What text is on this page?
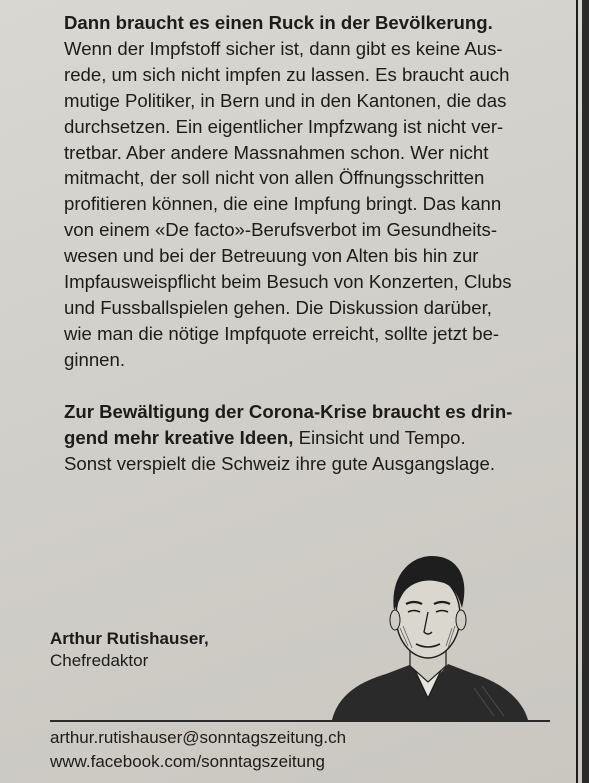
Dann braucht es einen Ruck in der Bevölkerung.
Wenn der Impfstoff sicher ist, dann gibt es keine Aus-
rede, um sich nicht impfen zu lassen. Es braucht auch
mutige Politiker, in Bern und in den Kantonen, die das
durchsetzen. Ein eigentlicher Impfzwang ist nicht ver-
tretbar. Aber andere Massnahmen schon. Wer nicht
mitmacht, der soll nicht von allen Öffnungsschritten
profitieren können, die eine Impfung bringt. Das kann
von einem «De facto»-Berufsverbot im Gesundheits-
wesen und bei der Betreuung von Alten bis hin zur
Impfausweispflicht beim Besuch von Konzerten, Clubs
und Fussballspielen gehen. Die Diskussion darüber,
wie man die nötige Impfquote erreicht, sollte jetzt be-
ginnen.

Zur Bewältigung der Corona-Krise braucht es drin-
gend mehr kreative Ideen, Einsicht und Tempo.
Sonst verspielt die Schweiz ihre gute Ausgangslage.

Arthur Rutishauser,
Chefredaktor
arthur.rutishauser@sonntagszeitung.ch
www.facebook.com/sonntagszeitung
